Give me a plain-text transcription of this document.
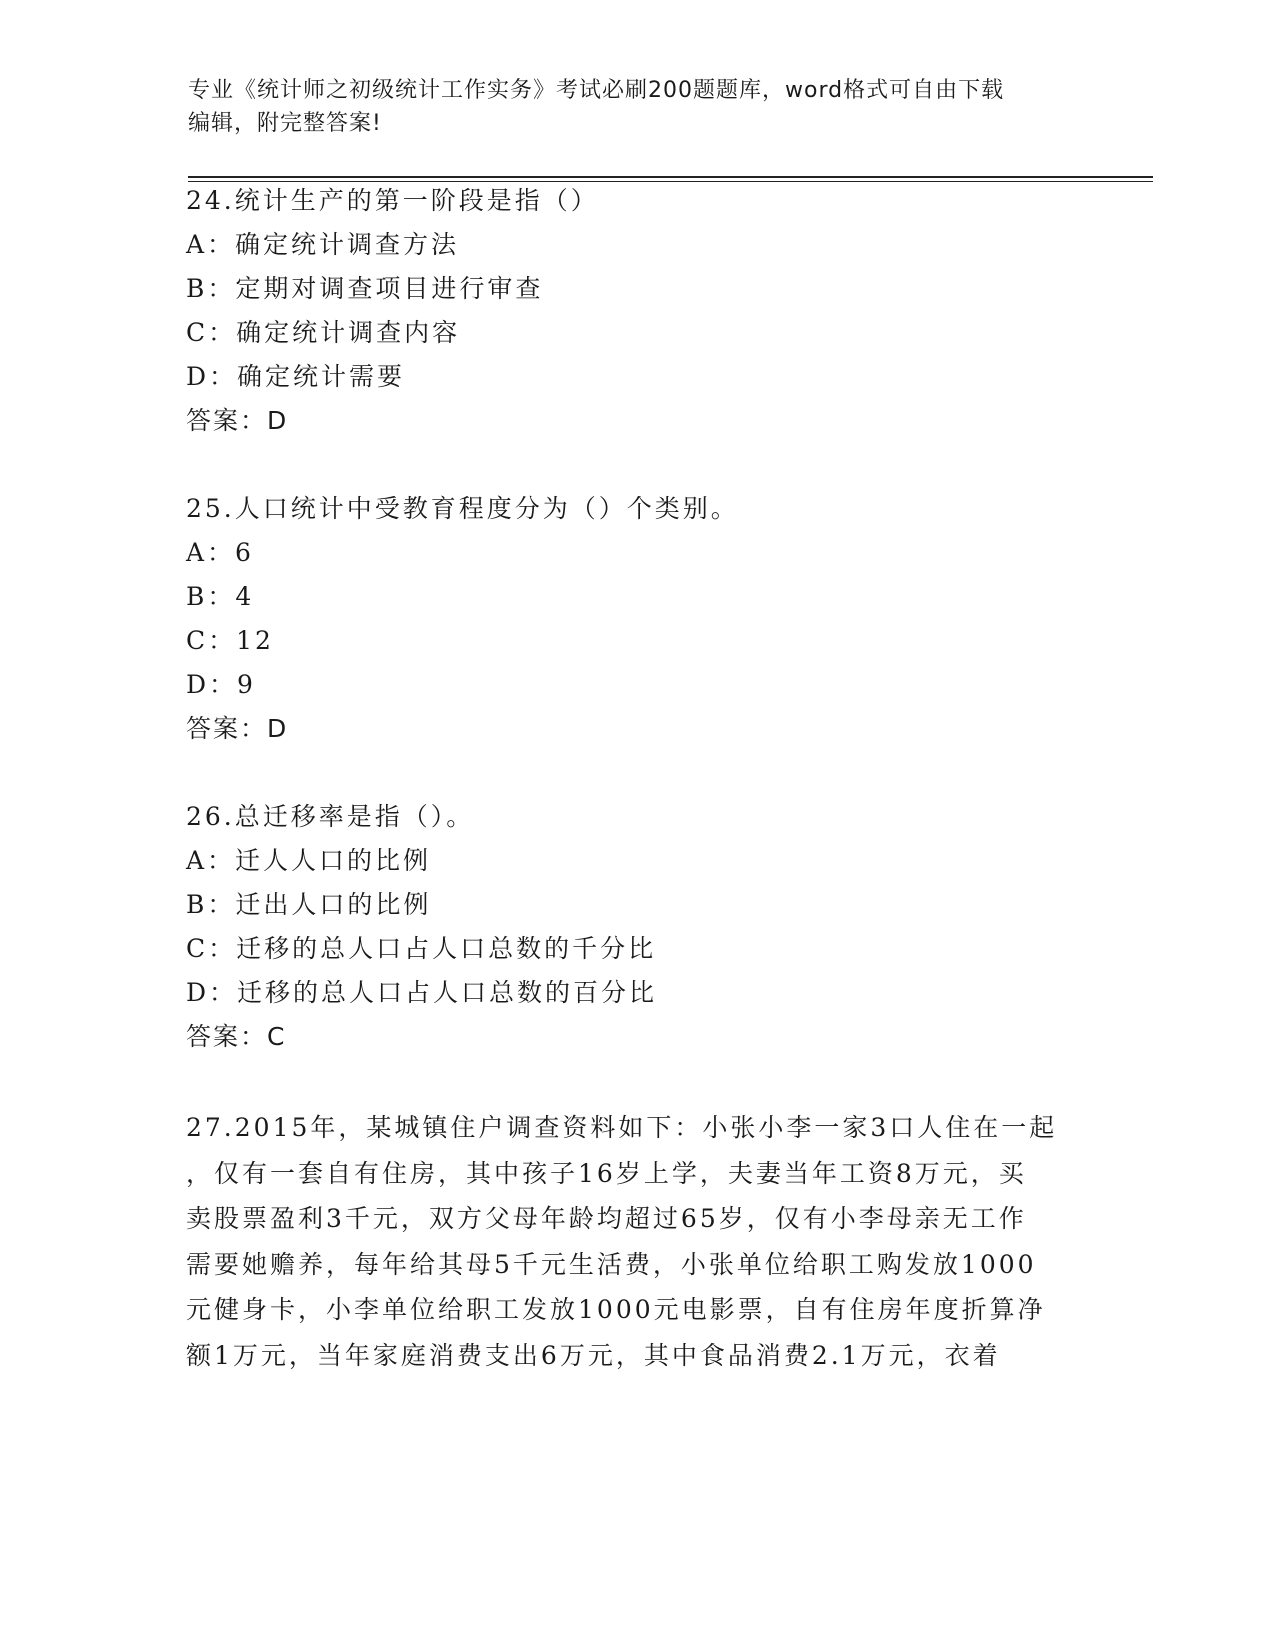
专业《统计师之初级统计工作实务》考试必刷200题题库，word格式可自由下载
编辑，附完整答案!
24.统计生产的第一阶段是指（）
A：确定统计调查方法
B：定期对调查项目进行审查
C：确定统计调查内容
D：确定统计需要
答案：D
25.人口统计中受教育程度分为（）个类别。
A：6
B：4
C：12
D：9
答案：D
26.总迁移率是指（）。
A：迁人人口的比例
B：迁出人口的比例
C：迁移的总人口占人口总数的千分比
D：迁移的总人口占人口总数的百分比
答案：C
27.2015年，某城镇住户调查资料如下：小张小李一家3口人住在一起
，仅有一套自有住房，其中孩子16岁上学，夫妻当年工资8万元，买
卖股票盈利3千元，双方父母年龄均超过65岁，仅有小李母亲无工作
需要她赡养，每年给其母5千元生活费，小张单位给职工购发放1000
元健身卡，小李单位给职工发放1000元电影票，自有住房年度折算净
额1万元，当年家庭消费支出6万元，其中食品消费2.1万元，衣着
